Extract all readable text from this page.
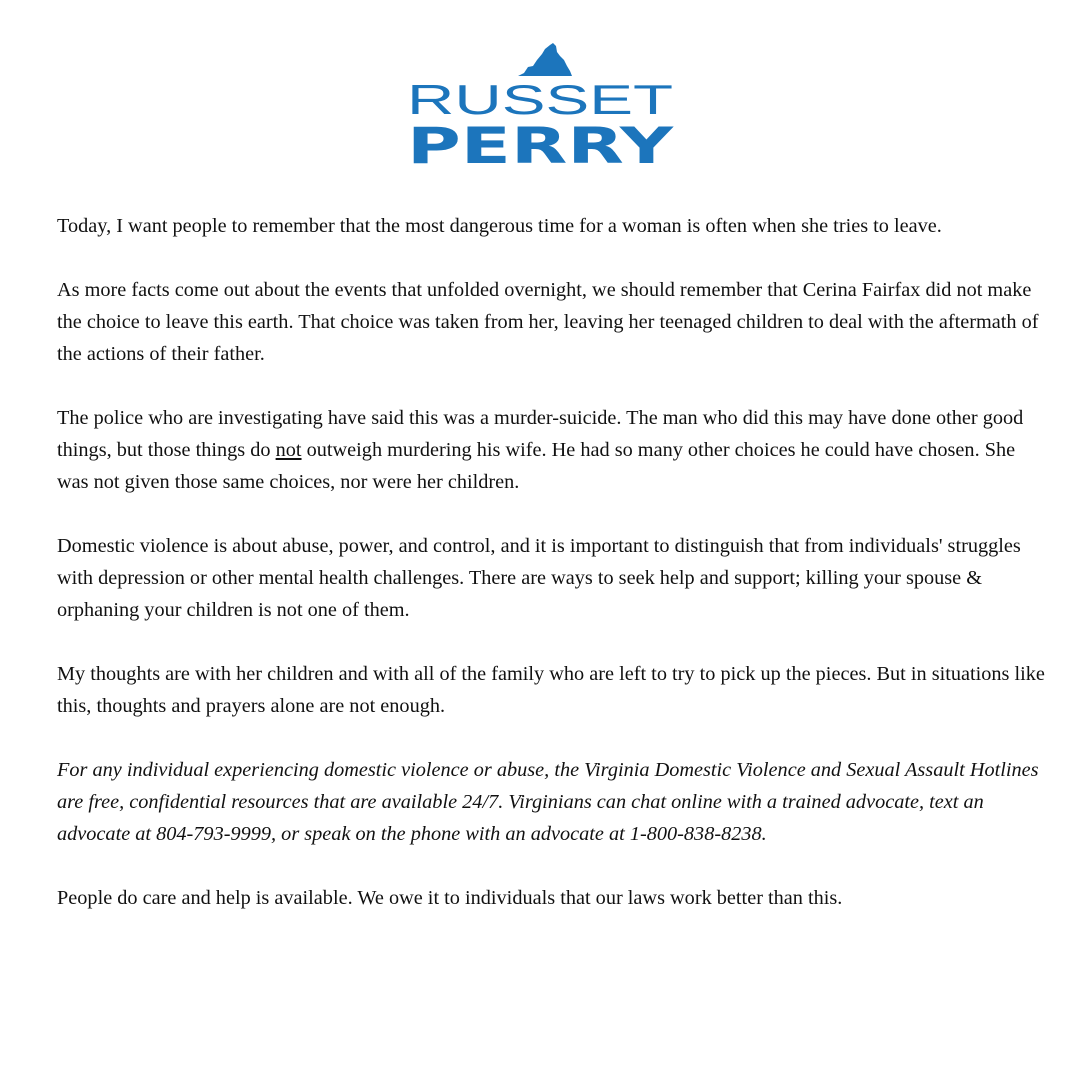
RUSSET
PERRY

Today, I want people to remember that the most dangerous time for a woman is often when she tries to leave.

As more facts come out about the events that unfolded overnight, we should remember that Cerina Fairfax did not make the choice to leave this earth. That choice was taken from her, leaving her teenaged children to deal with the aftermath of the actions of their father.

The police who are investigating have said this was a murder-suicide. The man who did this may have done other good things, but those things do not outweigh murdering his wife. He had so many other choices he could have chosen. She was not given those same choices, nor were her children.

Domestic violence is about abuse, power, and control, and it is important to distinguish that from individuals' struggles with depression or other mental health challenges. There are ways to seek help and support; killing your spouse & orphaning your children is not one of them.

My thoughts are with her children and with all of the family who are left to try to pick up the pieces. But in situations like this, thoughts and prayers alone are not enough.

For any individual experiencing domestic violence or abuse, the Virginia Domestic Violence and Sexual Assault Hotlines are free, confidential resources that are available 24/7. Virginians can chat online with a trained advocate, text an advocate at 804-793-9999, or speak on the phone with an advocate at 1-800-838-8238.

People do care and help is available. We owe it to individuals that our laws work better than this.
